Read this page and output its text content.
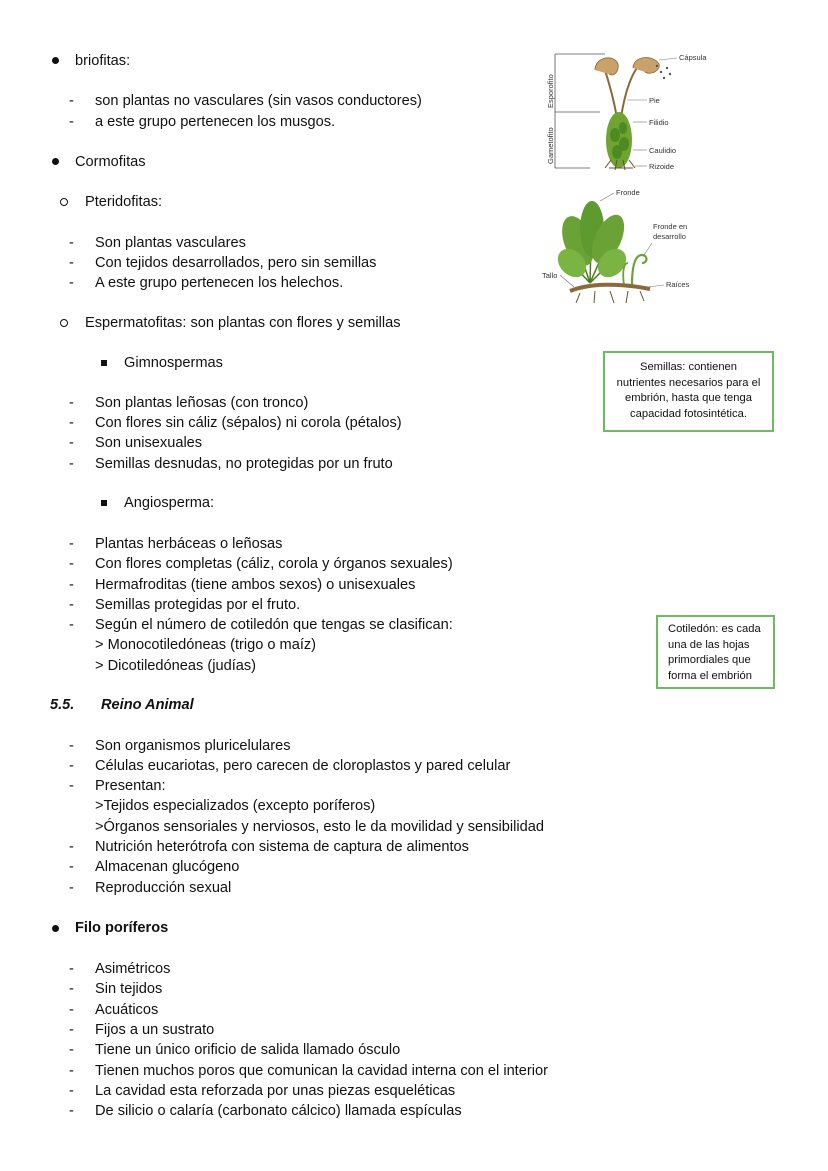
briofitas:
- son plantas no vasculares (sin vasos conductores)
- a este grupo pertenecen los musgos.
Cormofitas
Pteridofitas:
- Son plantas vasculares
- Con tejidos desarrollados, pero sin semillas
- A este grupo pertenecen los helechos.
Espermatofitas: son plantas con flores y semillas
Gimnospermas
- Son plantas leñosas (con tronco)
- Con flores sin cáliz (sépalos) ni corola (pétalos)
- Son unisexuales
- Semillas desnudas, no protegidas por un fruto
Angiosperma:
- Plantas herbáceas o leñosas
- Con flores completas (cáliz, corola y órganos sexuales)
- Hermafroditas (tiene ambos sexos) o unisexuales
- Semillas protegidas por el fruto.
- Según el número de cotiledón que tengas se clasifican:
> Monocotiledóneas (trigo o maíz)
> Dicotiledóneas (judías)
5.5. Reino Animal
- Son organismos pluricelulares
- Células eucariotas, pero carecen de cloroplastos y pared celular
- Presentan:
>Tejidos especializados (excepto poríferos)
>Órganos sensoriales y nerviosos, esto le da movilidad y sensibilidad
- Nutrición heterótrofa con sistema de captura de alimentos
- Almacenan glucógeno
- Reproducción sexual
Filo poríferos
- Asimétricos
- Sin tejidos
- Acuáticos
- Fijos a un sustrato
- Tiene un único orificio de salida llamado ósculo
- Tienen muchos poros que comunican la cavidad interna con el interior
- La cavidad esta reforzada por unas piezas esqueléticas
- De silicio o calaría (carbonato cálcico) llamada espículas
Semillas: contienen
nutrientes necesarios para el
embrión, hasta que tenga
capacidad fotosintética.
Cotiledón: es cada
una de las hojas
primordiales que
forma el embrión
Esporofito
Gametofito
Cápsula
Pie
Filidio
Caulidio
Rizoide
Fronde
Fronde en
desarrollo
Tallo
Raíces
